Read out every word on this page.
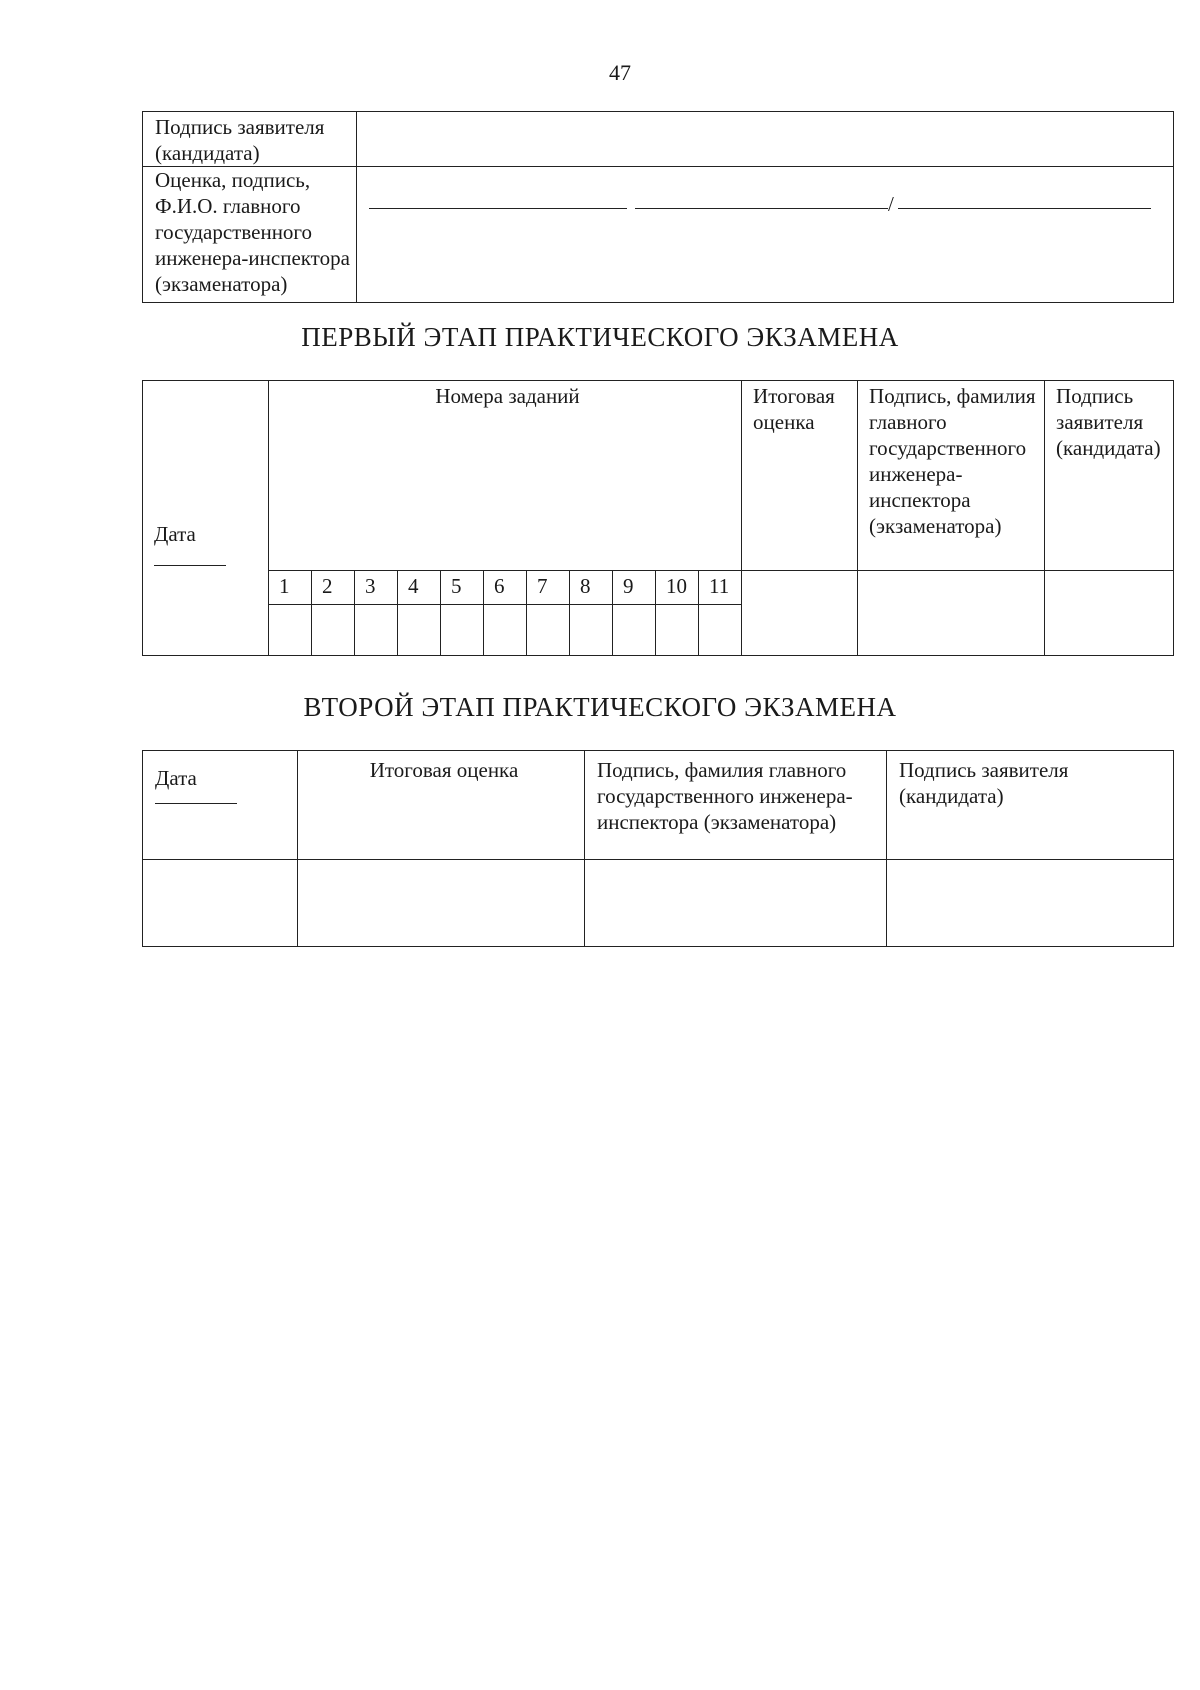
47
Подпись заявителя (кандидата)	

Оценка, подпись,
Ф.И.О. главного
государственного
инженера-инспектора
(экзаменатора)	/
ПЕРВЫЙ ЭТАП ПРАКТИЧЕСКОГО ЭКЗАМЕНА
Дата	Номера заданий											Итоговая оценка	Подпись, фамилия главного государственного инженера-инспектора (экзаменатора)	Подпись заявителя (кандидата)
	1	2	3	4	5	6	7	8	9	10	11			

ВТОРОЙ ЭТАП ПРАКТИЧЕСКОГО ЭКЗАМЕНА
Дата	Итоговая оценка	Подпись, фамилия главного государственного инженера-инспектора (экзаменатора)	Подпись заявителя (кандидата)
